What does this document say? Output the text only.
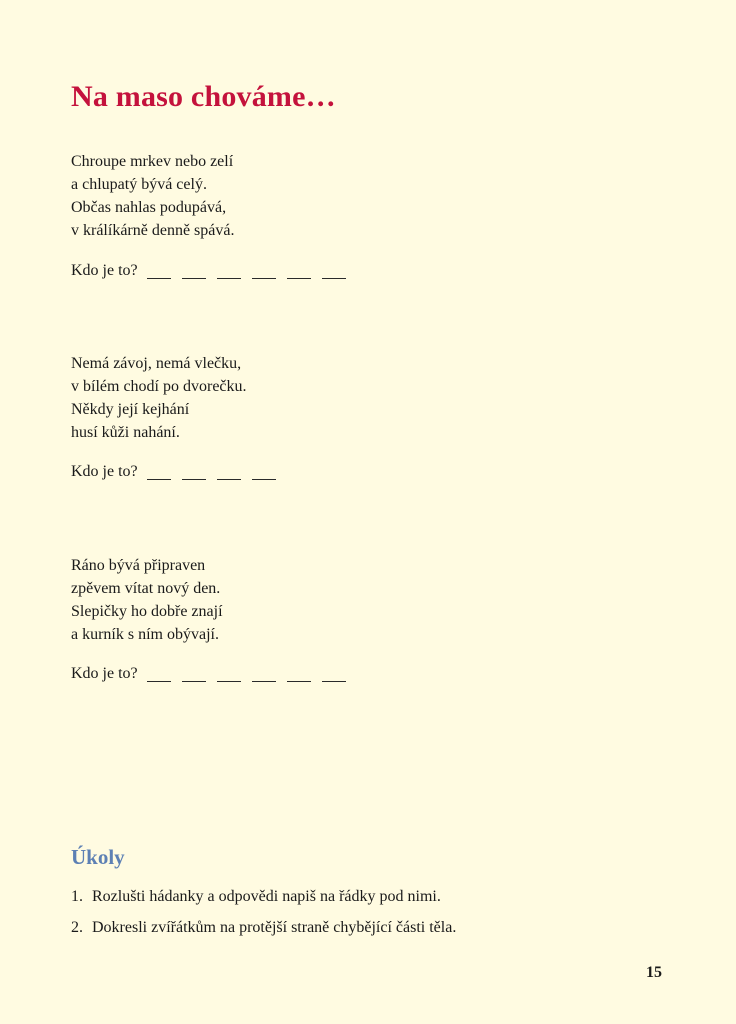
Na maso chováme…
Chroupe mrkev nebo zelí
a chlupatý bývá celý.
Občas nahlas podupává,
v králíkárně denně spává.
Kdo je to?
Nemá závoj, nemá vlečku,
v bílém chodí po dvorečku.
Někdy její kejhání
husí kůži nahání.
Kdo je to?
Ráno bývá připraven
zpěvem vítat nový den.
Slepičky ho dobře znají
a kurník s ním obývají.
Kdo je to?
Úkoly
1. Rozlušti hádanky a odpovědi napiš na řádky pod nimi.
2. Dokresli zvířátkům na protější straně chybějící části těla.
15
